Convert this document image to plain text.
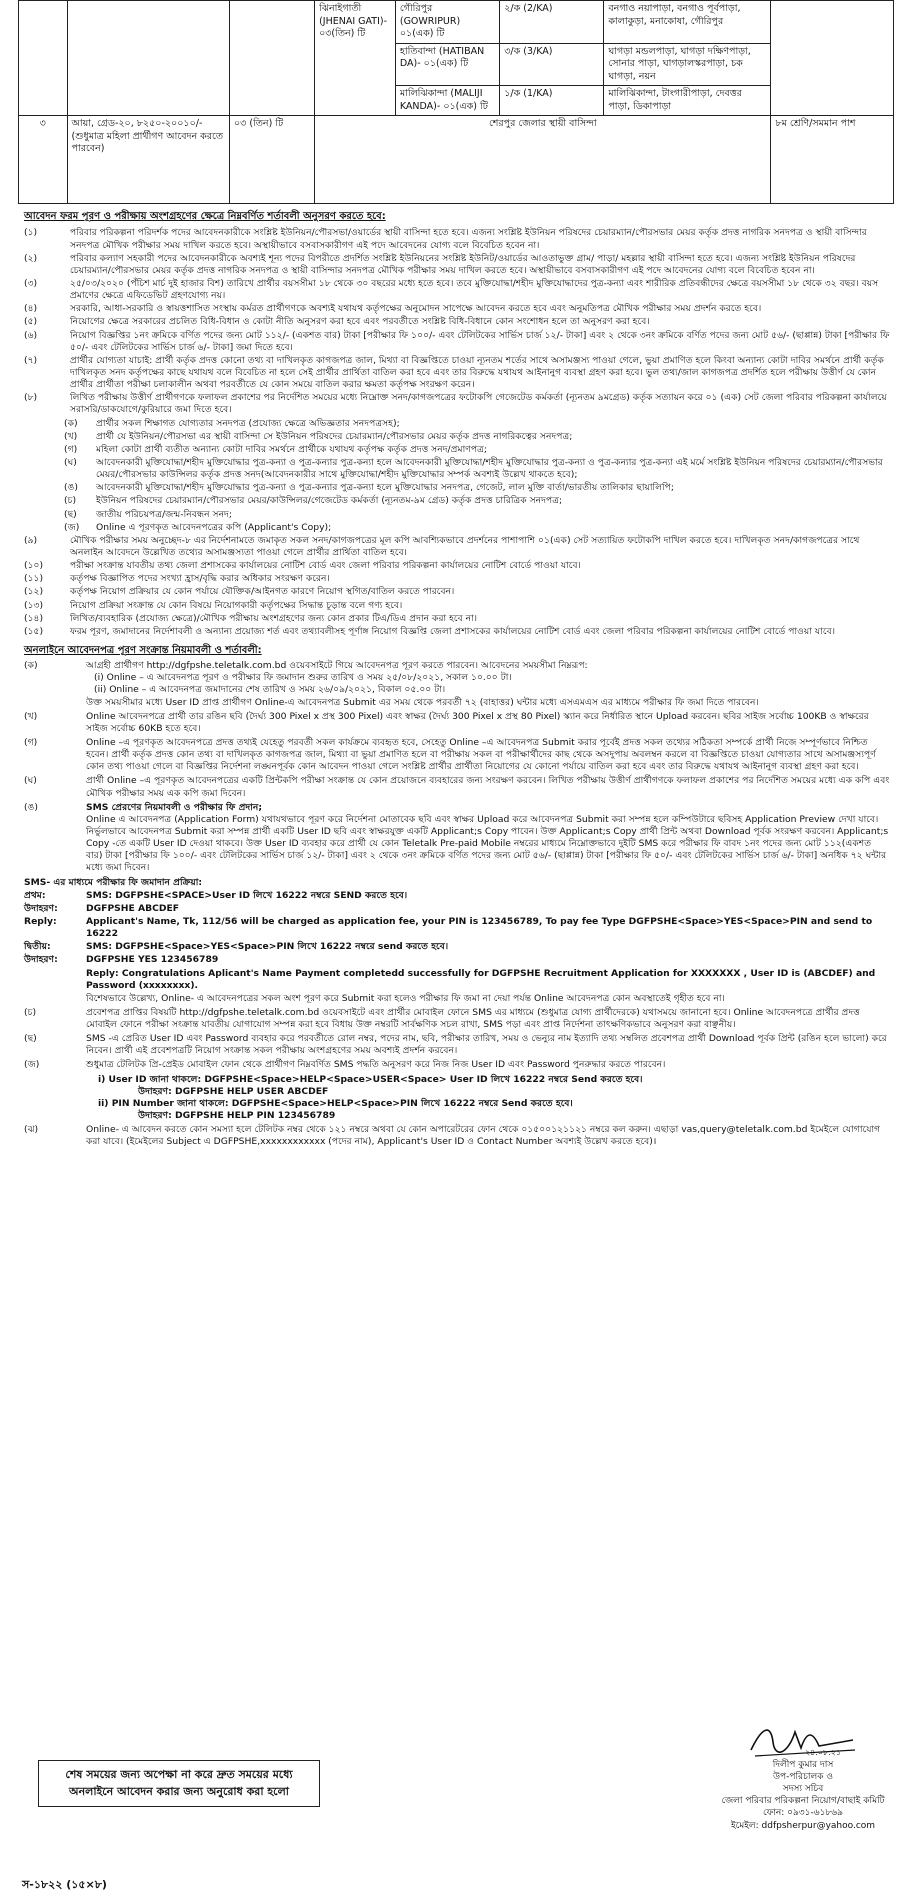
			ঝিনাইগাতী (JHENAI GATI)- ০৩(তিন) টি	গৌরিপুর (GOWRIPUR) ০১(এক) টি	২/ক (2/KA)	বনগাও নয়াপাড়া, বনগাও পূর্বপাড়া, কালাকুড়া, মনাকোষা, গৌরিপুর	
				হাতিবান্দা (HATIBAN DA)- ০১(এক) টি	৩/ক (3/KA)	ঘাগড়া মন্ডলপাড়া, ঘাগড়া দক্ষিণপাড়া, সোনার পাড়া, ঘাগড়ালস্করপাড়া, চক ঘাগড়া, নয়ন	
				মালিঝিকান্দা (MALIJI KANDA)- ০১(এক) টি	১/ক (1/KA)	মালিঝিকান্দা, টাংগারীপাড়া, দেবত্তর পাড়া, ডিকাপাড়া	
৩	আয়া, গ্রেড-২০, ৮২৫০-২০০১০/- (শুধুমাত্র মহিলা প্রার্থীগণ আবেদন করতে পারবেন)	০৩ (তিন) টি	শেরপুর জেলার স্থায়ী বাসিন্দা				৮ম শ্রেণি/সমমান পাশ
আবেদন ফরম পূরণ ও পরীক্ষায় অংশগ্রহণের ক্ষেত্রে নিম্নবর্ণিত শর্তাবলী অনুসরণ করতে হবে:
(১)	পরিবার পরিকল্পনা পরিদর্শক পদের আবেদনকারীকে সংশ্লিষ্ট ইউনিয়ন/পৌরসভা/ওয়ার্ডের স্থায়ী বাসিন্দা হতে হবে। এজন্য সংশ্লিষ্ট ইউনিয়ন পরিষদের চেয়ারম্যান/পৌরসভার মেয়র কর্তৃক প্রদত্ত নাগরিক সনদপত্র ও স্থায়ী বাসিন্দার সনদপত্র মৌখিক পরীক্ষার সময় দাখিল করতে হবে। অস্থায়ীভাবে বসবাসকারীগণ এই পদে আবেদনের যোগ্য বলে বিবেচিত হবেন না।
(২)	পরিবার কল্যাণ সহকারী পদের আবেদনকারীকে অবশ্যই শূন্য পদের বিপরীতে প্রদর্শিত সংশ্লিষ্ট ইউনিয়নের সংশ্লিষ্ট ইউনিট/ওয়ার্ডের আওতাভুক্ত গ্রাম/ পাড়া/ মহল্লার স্থায়ী বাসিন্দা হতে হবে। এজন্য সংশ্লিষ্ট ইউনিয়ন পরিষদের চেয়ারম্যান/পৌরসভার মেয়র কর্তৃক প্রদত্ত নাগরিক সনদপত্র ও স্থায়ী বাসিন্দার সনদপত্র মৌখিক পরীক্ষার সময় দাখিল করতে হবে। অস্থায়ীভাবে বসবাসকারীগণ এই পদে আবেদনের যোগ্য বলে বিবেচিত হবেন না।
(৩)	২৫/০৩/২০২০ (পঁচিশ মার্চ দুই হাজার বিশ) তারিখে প্রার্থীর বয়সসীমা ১৮ থেকে ৩০ বছরের মধ্যে হতে হবে। তবে মুক্তিযোদ্ধা/শহীদ মুক্তিযোদ্ধাদের পুত্র-কন্যা এবং শারীরিক প্রতিবন্ধীদের ক্ষেত্রে বয়সসীমা ১৮ থেকে ৩২ বছর। বয়স প্রমাণের ক্ষেত্রে এফিডেভিট গ্রহণযোগ্য নয়।
(৪)	সরকারি, আধা-সরকারি ও স্বায়ত্তশাসিত সংস্থায় কর্মরত প্রার্থীগণকে অবশ্যই যথাযথ কর্তৃপক্ষের অনুমোদন সাপেক্ষে আবেদন করতে হবে এবং অনুমতিপত্র মৌখিক পরীক্ষার সময় প্রদর্শন করতে হবে।
(৫)	নিয়োগের ক্ষেত্রে সরকারের প্রচলিত বিধি-বিধান ও কোটা নীতি অনুসরণ করা হবে এবং পরবর্তীতে সংশ্লিষ্ট বিধি-বিধানে কোন সংশোধন হলে তা অনুসরণ করা হবে।
(৬)	নিয়োগ বিজ্ঞপ্তির ১নং ক্রমিকে বর্ণিত পদের জন্য মোট ১১২/- (একশত বার) টাকা [পরীক্ষার ফি ১০০/- এবং টেলিটকের সার্ভিস চার্জ ১২/- টাকা] এবং ২ থেকে ৩নং ক্রমিকে বর্ণিত পদের জন্য মোট ৫৬/- (ছাপ্পান্ন) টাকা [পরীক্ষার ফি ৫০/- এবং টেলিটকের সার্ভিস চার্জ ৬/- টাকা] জমা দিতে হবে।
(৭)	প্রার্থীর যোগ্যতা যাচাই: প্রার্থী কর্তৃক প্রদত্ত কোনো তথ্য বা দাখিলকৃত কাগজপত্র জাল, মিথ্যা বা বিজ্ঞপ্তিতে চাওয়া ন্যূনতম শর্তের সাথে অসামঞ্জস্য পাওয়া গেলে, ভুয়া প্রমাণিত হলে কিংবা অন্যান্য কোটা দাবির সমর্থনে প্রার্থী কর্তৃক দাখিলকৃত সনদ কর্তৃপক্ষের কাছে যথাযথ বলে বিবেচিত না হলে সেই প্রার্থীর প্রার্থিতা বাতিল করা হবে এবং তার বিরুদ্ধে যথাযথ আইনানুগ ব্যবস্থা গ্রহণ করা হবে। ভুল তথ্য/জাল কাগজপত্র প্রদর্শিত হলে পরীক্ষায় উত্তীর্ণ যে কোন প্রার্থীর প্রার্থীতা পরীক্ষা চলাকালীন অথবা পরবর্তীতে যে কোন সময়ে বাতিল করার ক্ষমতা কর্তৃপক্ষ সংরক্ষণ করেন।
(৮)	লিখিত পরীক্ষায় উত্তীর্ণ প্রার্থীগণকে ফলাফল প্রকাশের পর নির্দেশিত সময়ের মধ্যে নিম্নোক্ত সনদ/কাগজপত্রের ফটোকপি গেজেটেড কর্মকর্তা (ন্যূনতম ৯মগ্রেড) কর্তৃক সত্যায়ন করে ০১ (এক) সেট জেলা পরিবার পরিকল্পনা কার্যালয়ে সরাসরি/ডাকযোগে/কুরিয়ারে জমা দিতে হবে।
(ক)	প্রার্থীর সকল শিক্ষাগত যোগ্যতার সনদপত্র (প্রযোজ্য ক্ষেত্রে অভিজ্ঞতার সনদপত্রসহ);
(খ)	প্রার্থী যে ইউনিয়ন/পৌরসভা এর স্থায়ী বাসিন্দা সে ইউনিয়ন পরিষদের চেয়ারম্যান/পৌরসভার মেয়র কর্তৃক প্রদত্ত নাগরিকত্বের সনদপত্র;
(গ)	মহিলা কোটা প্রার্থী ব্যতীত অন্যান্য কোটা দাবির সমর্থনে প্রার্থীকে যথাযথ কর্তৃপক্ষ কর্তৃক প্রদত্ত সনদ/প্রমাণপত্র;
(ঘ)	আবেদনকারী মুক্তিযোদ্ধা/শহীদ মুক্তিযোদ্ধার পুত্র-কন্যা ও পুত্র-কন্যার পুত্র-কন্যা হলে আবেদনকারী মুক্তিযোদ্ধা/শহীদ মুক্তিযোদ্ধার পুত্র-কন্যা ও পুত্র-কন্যার পুত্র-কন্যা এই মর্মে সংশ্লিষ্ট ইউনিয়ন পরিষদের চেয়ারম্যান/পৌরসভার মেয়র/পৌরসভার কাউন্সিলর কর্তৃক প্রদত্ত সনদ(আবেদনকারীর সাথে মুক্তিযোদ্ধা/শহীদ মুক্তিযোদ্ধার সম্পর্ক অবশ্যই উল্লেখ থাকতে হবে);
(ঙ)	আবেদনকারী মুক্তিযোদ্ধা/শহীদ মুক্তিযোদ্ধার পুত্র-কন্যা ও পুত্র-কন্যার পুত্র-কন্যা হলে মুক্তিযোদ্ধার সনদপত্র, গেজেট, লাল মুক্তি বার্তা/ভারতীয় তালিকার ছায়ালিপি;
(চ)	ইউনিয়ন পরিষদের চেয়ারম্যান/পৌরসভার মেয়র/কাউন্সিলর/গেজেটেড কর্মকর্তা (ন্যূনতম-৯ম গ্রেড) কর্তৃক প্রদত্ত চারিত্রিক সনদপত্র;
(ছ)	জাতীয় পরিচয়পত্র/জন্ম-নিবন্ধন সনদ;
(জ)	Online এ পূরণকৃত আবেদনপত্রের কপি (Applicant's Copy);
(৯)	মৌখিক পরীক্ষার সময় অনুচ্ছেদ-৮ এর নির্দেশনামতে জমাকৃত সকল সনদ/কাগজপত্রের মূল কপি আবশ্যিকভাবে প্রদর্শনের পাশাপাশি ০১(এক) সেট সত্যায়িত ফটোকপি দাখিল করতে হবে। দাখিলকৃত সনদ/কাগজপত্রের সাথে অনলাইন আবেদনে উল্লেখিত তথ্যের অসামঞ্জস্যতা পাওয়া গেলে প্রার্থীর প্রার্থিতা বাতিল হবে।
(১০)	পরীক্ষা সংক্রান্ত যাবতীয় তথ্য জেলা প্রশাসকের কার্যালয়ের নোটিশ বোর্ড এবং জেলা পরিবার পরিকল্পনা কার্যালয়ের নোটিশ বোর্ডে পাওয়া যাবে।
(১১)	কর্তৃপক্ষ বিজ্ঞাপিত পদের সংখ্যা হ্রাস/বৃদ্ধি করার অধিকার সংরক্ষণ করেন।
(১২)	কর্তৃপক্ষ নিয়োগ প্রক্রিয়ার যে কোন পর্যায়ে যৌক্তিক/আইনগত কারণে নিয়োগ স্থগিত/বাতিল করতে পারবেন।
(১৩)	নিয়োগ প্রক্রিয়া সংক্রান্ত যে কোন বিষয়ে নিয়োগকারী কর্তৃপক্ষের সিদ্ধান্ত চূড়ান্ত বলে গণ্য হবে।
(১৪)	লিখিত/ব্যবহারিক (প্রযোজ্য ক্ষেত্রে)/মৌখিক পরীক্ষায় অংশগ্রহণের জন্য কোন প্রকার টিএ/ডিএ প্রদান করা হবে না।
(১৫)	ফরম পূরণ, জমাদানের নির্দেশাবলী ও অন্যান্য প্রয়োজ্য শর্ত এবং তথ্যাবলীসহ পূর্ণাঙ্গ নিয়োগ বিজ্ঞপ্তি জেলা প্রশাসকের কার্যালয়ের নোটিশ বোর্ড এবং জেলা পরিবার পরিকল্পনা কার্যালয়ের নোটিশ বোর্ডে পাওয়া যাবে।
অনলাইনে আবেদনপত্র পূরণ সংক্রান্ত নিয়মাবলী ও শর্তাবলী:
(ক)	আগ্রহী প্রার্থীগণ http://dgfpshe.teletalk.com.bd ওয়েবসাইটে গিয়ে আবেদনপত্র পূরণ করতে পারবেন। আবেদনের সময়সীমা নিম্নরূপ:
(i) Online – এ আবেদনপত্র পূরণ ও পরীক্ষার ফি জমাদান শুরুর তারিখ ও সময় ২৫/০৮/২০২১, সকাল ১০.০০ টা।
(ii) Online – এ আবেদনপত্র জমাদানের শেষ তারিখ ও সময় ২৬/০৯/২০২১, বিকাল ০৫.০০ টা।
উক্ত সময়সীমার মধ্যে User ID প্রাপ্ত প্রার্থীগণ Online-এ আবেদনপত্র Submit এর সময় থেকে পরবর্তী ৭২ (বাহাত্তর) ঘন্টার মধ্যে এসএমএস এর মাধ্যমে পরীক্ষার ফি জমা দিতে পারবেন।
(খ)	Online আবেদনপত্রে প্রার্থী তার রঙিন ছবি (দৈর্ঘ্য 300 Pixel x প্রস্থ 300 Pixel) এবং স্বাক্ষর (দৈর্ঘ্য 300 Pixel x প্রস্থ 80 Pixel) স্ক্যান করে নির্ধারিত স্থানে Upload করবেন। ছবির সাইজ সর্বোচ্চ 100KB ও স্বাক্ষরের সাইজ সর্বোচ্চ 60KB হতে হবে।
(গ)	Online –এ পূরণকৃত আবেদনপত্রে প্রদত্ত তথ্যই যেহেতু পরবর্তী সকল কার্যক্রমে ব্যবহৃত হবে, সেহেতু Online –এ আবেদনপত্র Submit করার পূর্বেই প্রদত্ত সকল তথ্যের সঠিকতা সম্পর্কে প্রার্থী নিজে সম্পূর্ণভাবে নিশ্চিত হবেন। প্রার্থী কর্তৃক প্রদত্ত কোন তথ্য বা দাখিলকৃত কাগজপত্র জাল, মিথ্যা বা ভুয়া প্রমাণিত হলে বা পরীক্ষায় সকল বা পরীক্ষার্থীদের কাছ থেকে অসদুপায় অবলম্বন করলে বা বিজ্ঞপ্তিতে চাওয়া যোগ্যতার সাথে অসামঞ্জস্যপূর্ণ কোন তথ্য পাওয়া গেলে বা বিজ্ঞপ্তির নির্দেশনা লঙ্ঘনপূর্বক কোন আবেদন পাওয়া গেলে সংশ্লিষ্ট প্রার্থীর প্রার্থীতা নিয়োগের যে কোনো পর্যায়ে বাতিল করা হবে এবং তার বিরুদ্ধে যথাযথ আইনানুগ ব্যবস্থা গ্রহণ করা হবে।
(ঘ)	প্রার্থী Online –এ পূরণকৃত আবেদনপত্রের একটি প্রিন্টকপি পরীক্ষা সংক্রান্ত যে কোন প্রয়োজনে ব্যবহারের জন্য সংরক্ষণ করবেন। লিখিত পরীক্ষায় উত্তীর্ণ প্রার্থীগণকে ফলাফল প্রকাশের পর নির্দেশিত সময়ের মধ্যে এক কপি এবং মৌখিক পরীক্ষার সময় এক কপি জমা দিবেন।
(ঙ)	SMS প্রেরণের নিয়মাবলী ও পরীক্ষার ফি প্রদান;
Online এ আবেদনপত্র (Application Form) যথাযথভাবে পূরণ করে নির্দেশনা মোতাবেক ছবি এবং স্বাক্ষর Upload করে আবেদনপত্র Submit করা সম্পন্ন হলে কম্পিউটারে ছবিসহ Application Preview দেখা যাবে। নির্ভুলভাবে আবেদনপত্র Submit করা সম্পন্ন প্রার্থী একটি User ID ছবি এবং স্বাক্ষরযুক্ত একটি Applicant;s Copy পাবেন। উক্ত Applicant;s Copy প্রার্থী প্রিন্ট অথবা Download পূর্বক সংরক্ষণ করবেন। Applicant;s Copy -তে একটি User ID দেওয়া থাকবে। উক্ত User ID ব্যবহার করে প্রার্থী যে কোন Teletalk Pre-paid Mobile নম্বরের মাধ্যমে নিম্নোক্তভাবে দুইটি SMS করে পরীক্ষার ফি বাবদ ১নং পদের জন্য মোট ১১২(একশত বার) টাকা [পরীক্ষার ফি ১০০/- এবং টেলিটকের সার্ভিস চার্জ ১২/- টাকা] এবং ২ থেকে ৩নং ক্রমিকে বর্ণিত পদের জন্য মোট ৫৬/- (ছাপ্পান্ন) টাকা [পরীক্ষার ফি ৫০/- এবং টেলিটকের সার্ভিস চার্জ ৬/- টাকা] অনধিক ৭২ ঘন্টার মধ্যে জমা দিবেন।
SMS- এর মাধ্যমে পরীক্ষার ফি জমাদান প্রক্রিয়া:
প্রথম:	SMS: DGFPSHE<SPACE>User ID লিখে 16222 নম্বরে SEND করতে হবে।
উদাহরণ:	DGFPSHE ABCDEF
Reply:	Applicant's Name, Tk, 112/56 will be charged as application fee, your PIN is 123456789, To pay fee Type DGFPSHE<Space>YES<Space>PIN and send to 16222
দ্বিতীয়:	SMS: DGFPSHE<Space>YES<Space>PIN লিখে 16222 নম্বরে send করতে হবে।
উদাহরণ:	DGFPSHE YES 123456789
Reply: Congratulations Aplicant's Name Payment completedd successfully for DGFPSHE Recruitment Application for XXXXXXX , User ID is (ABCDEF) and Password (xxxxxxxx).
বিশেষভাবে উল্লেখ্য, Online- এ আবেদনপত্রের সকল অংশ পূরণ করে Submit করা হলেও পরীক্ষার ফি জমা না দেয়া পর্যন্ত Online আবেদনপত্র কোন অবস্থাতেই গৃহীত হবে না।
(চ)	প্রবেশপত্র প্রাপ্তির বিষয়টি http://dgfpshe.teletalk.com.bd ওয়েবসাইটে এবং প্রার্থীর মোবাইল ফোনে SMS এর মাধ্যমে (শুধুমাত্র যোগ্য প্রার্থীদেরকে) যথাসময়ে জানানো হবে। Online আবেদনপত্রে প্রার্থীর প্রদত্ত মোবাইল ফোনে পরীক্ষা সংক্রান্ত যাবতীয় যোগাযোগ সম্পন্ন করা হবে বিধায় উক্ত নম্বরটি সার্বক্ষণিক সচল রাখা, SMS পড়া এবং প্রাপ্ত নির্দেশনা তাৎক্ষণিকভাবে অনুসরণ করা বাঞ্ছনীয়।
(ছ)	SMS -এ প্রেরিত User ID এবং Password ব্যবহার করে পরবর্তীতে রোল নম্বর, পদের নাম, ছবি, পরীক্ষার তারিখ, সময় ও ভেন্যুর নাম ইত্যাদি তথ্য সম্বলিত প্রবেশপত্র প্রার্থী Download পূর্বক প্রিন্ট (রঙিন হলে ভালো) করে নিবেন। প্রার্থী এই প্রবেশপত্রটি নিয়োগ সংক্রান্ত সকল পরীক্ষায় অংশগ্রহণের সময় অবশ্যই প্রদর্শন করবেন।
(জ)	শুধুমাত্র টেলিটক প্রি-প্রেইড মোবাইল ফোন থেকে প্রার্থীগণ নিম্নবর্ণিত SMS পদ্ধতি অনুসরণ করে নিজ নিজ User ID এবং Password পুনরুদ্ধার করতে পারবেন।
i) User ID জানা থাকলে: DGFPSHE<Space>HELP<Space>USER<Space> User ID লিখে 16222 নম্বরে Send করতে হবে।
উদাহরণ: DGFPSHE HELP USER ABCDEF
ii) PIN Number জানা থাকলে: DGFPSHE<Space>HELP<Space>PIN লিখে 16222 নম্বরে Send করতে হবে।
উদাহরণ: DGFPSHE HELP PIN 123456789
(ঝ)	Online- এ আবেদন করতে কোন সমস্যা হলে টেলিটক নম্বর থেকে ১২১ নম্বরে অথবা যে কোন অপারেটরের ফোন থেকে ০১৫০০১২১১২১ নম্বরে কল করুন। এছাড়া vas,query@teletalk.com.bd ইমেইলে যোগাযোগ করা যাবে। (ইমেইলের Subject এ DGFPSHE,xxxxxxxxxxxx (পদের নাম), Applicant's User ID ও Contact Number অবশ্যই উল্লেখ করতে হবে)।
শেষ সময়ের জন্য অপেক্ষা না করে দ্রুত সময়ের মধ্যে অনলাইনে আবেদন করার জন্য অনুরোধ করা হলো
২৪.০৮.২১
দিলীপ কুমার দাস
উপ-পরিচালক ও
সদস্য সচিব
জেলা পরিবার পরিকল্পনা নিয়োগ/বাছাই কমিটি
ফোন: ০৯৩১-৬১৮৬৯
ইমেইল: ddfpsherpur@yahoo.com
স-১৮২২ (১৫×৮)
